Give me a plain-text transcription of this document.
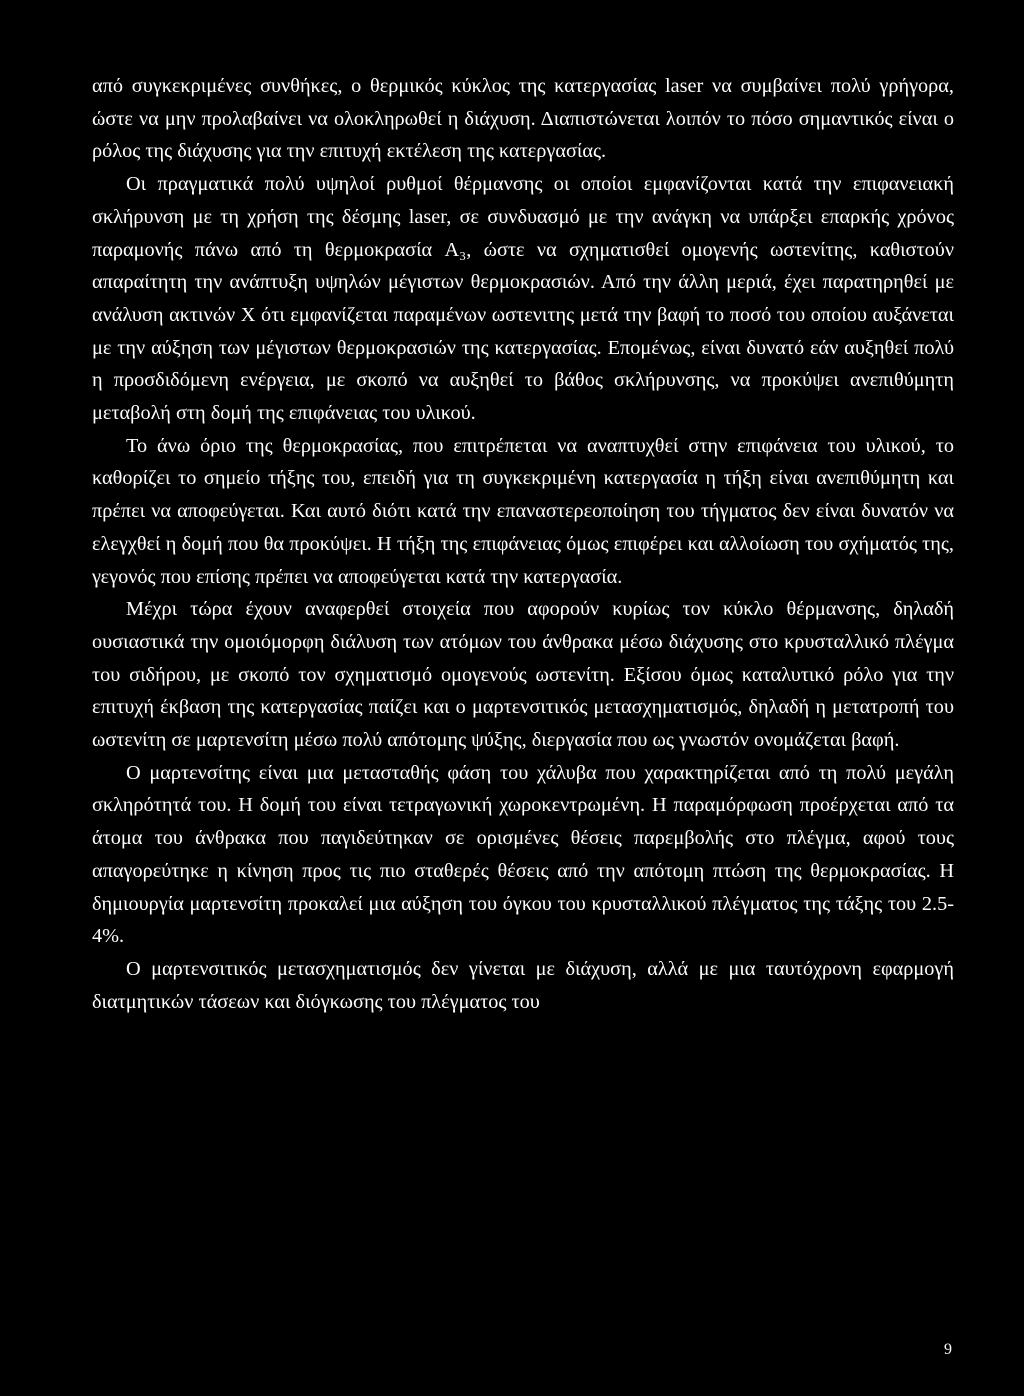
από συγκεκριμένες συνθήκες, ο θερμικός κύκλος της κατεργασίας laser να συμβαίνει πολύ γρήγορα, ώστε να μην προλαβαίνει να ολοκληρωθεί η διάχυση. Διαπιστώνεται λοιπόν το πόσο σημαντικός είναι ο ρόλος της διάχυσης για την επιτυχή εκτέλεση της κατεργασίας.

Οι πραγματικά πολύ υψηλοί ρυθμοί θέρμανσης οι οποίοι εμφανίζονται κατά την επιφανειακή σκλήρυνση με τη χρήση της δέσμης laser, σε συνδυασμό με την ανάγκη να υπάρξει επαρκής χρόνος παραμονής πάνω από τη θερμοκρασία A₃, ώστε να σχηματισθεί ομογενής ωστενίτης, καθιστούν απαραίτητη την ανάπτυξη υψηλών μέγιστων θερμοκρασιών. Από την άλλη μεριά, έχει παρατηρηθεί με ανάλυση ακτινών X ότι εμφανίζεται παραμένων ωστενιτης μετά την βαφή το ποσό του οποίου αυξάνεται με την αύξηση των μέγιστων θερμοκρασιών της κατεργασίας. Επομένως, είναι δυνατό εάν αυξηθεί πολύ η προσδιδόμενη ενέργεια, με σκοπό να αυξηθεί το βάθος σκλήρυνσης, να προκύψει ανεπιθύμητη μεταβολή στη δομή της επιφάνειας του υλικού.

Το άνω όριο της θερμοκρασίας, που επιτρέπεται να αναπτυχθεί στην επιφάνεια του υλικού, το καθορίζει το σημείο τήξης του, επειδή για τη συγκεκριμένη κατεργασία η τήξη είναι ανεπιθύμητη και πρέπει να αποφεύγεται. Και αυτό διότι κατά την επαναστερεοποίηση του τήγματος δεν είναι δυνατόν να ελεγχθεί η δομή που θα προκύψει. Η τήξη της επιφάνειας όμως επιφέρει και αλλοίωση του σχήματός της, γεγονός που επίσης πρέπει να αποφεύγεται κατά την κατεργασία.

Μέχρι τώρα έχουν αναφερθεί στοιχεία που αφορούν κυρίως τον κύκλο θέρμανσης, δηλαδή ουσιαστικά την ομοιόμορφη διάλυση των ατόμων του άνθρακα μέσω διάχυσης στο κρυσταλλικό πλέγμα του σιδήρου, με σκοπό τον σχηματισμό ομογενούς ωστενίτη. Εξίσου όμως καταλυτικό ρόλο για την επιτυχή έκβαση της κατεργασίας παίζει και ο μαρτενσιτικός μετασχηματισμός, δηλαδή η μετατροπή του ωστενίτη σε μαρτενσίτη μέσω πολύ απότομης ψύξης, διεργασία που ως γνωστόν ονομάζεται βαφή.

Ο μαρτενσίτης είναι μια μετασταθής φάση του χάλυβα που χαρακτηρίζεται από τη πολύ μεγάλη σκληρότητά του. Η δομή του είναι τετραγωνική χωροκεντρωμένη. Η παραμόρφωση προέρχεται από τα άτομα του άνθρακα που παγιδεύτηκαν σε ορισμένες θέσεις παρεμβολής στο πλέγμα, αφού τους απαγορεύτηκε η κίνηση προς τις πιο σταθερές θέσεις από την απότομη πτώση της θερμοκρασίας. Η δημιουργία μαρτενσίτη προκαλεί μια αύξηση του όγκου του κρυσταλλικού πλέγματος της τάξης του 2.5-4%.

Ο μαρτενσιτικός μετασχηματισμός δεν γίνεται με διάχυση, αλλά με μια ταυτόχρονη εφαρμογή διατμητικών τάσεων και διόγκωσης του πλέγματος του

9
